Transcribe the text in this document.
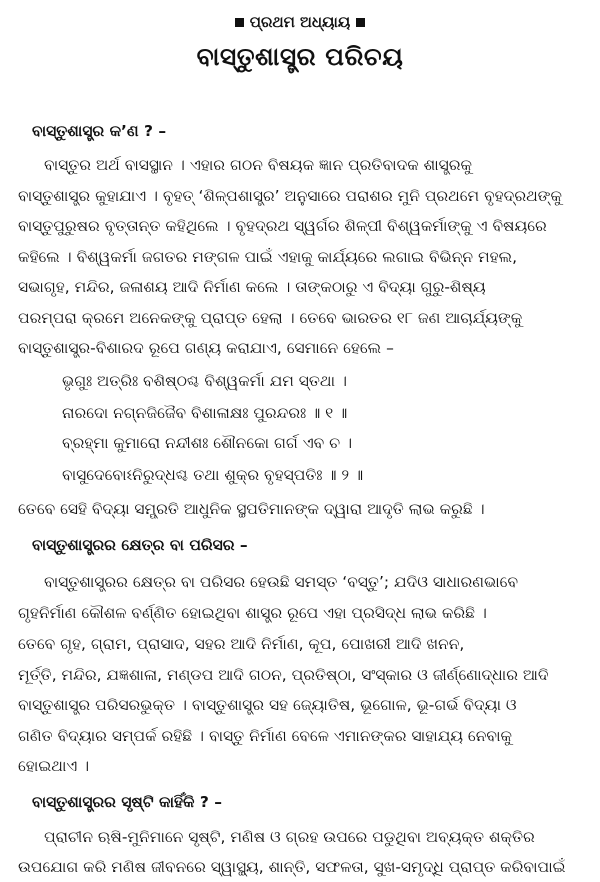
ପ୍ରଥମ ଅଧ୍ୟାୟ
ବାସ୍ତୁଶାସ୍ତ୍ର ପରିଚୟ
ବାସ୍ତୁଶାସ୍ତ୍ର କ’ଣ ? –
ବାସ୍ତୁର ଅର୍ଥ ବାସସ୍ଥାନ । ଏହାର ଗଠନ ବିଷୟକ ଜ୍ଞାନ ପ୍ରତିବାଦକ ଶାସ୍ତ୍ରକୁ
ବାସ୍ତୁଶାସ୍ତ୍ର କୁହାଯାଏ । ବୃହତ୍ ‘ଶିଳ୍ପଶାସ୍ତ୍ର’ ଅନୁସାରେ ପରାଶର ମୁନି ପ୍ରଥମେ ବୃହଦ୍ରଥଙ୍କୁ
ବାସ୍ତୁପୁରୁଷର ବୃତ୍ତାନ୍ତ କହିଥିଲେ । ବୃହଦ୍ରଥ ସ୍ୱର୍ଗର ଶିଳ୍ପୀ ବିଶ୍ୱକର୍ମାଙ୍କୁ ଏ ବିଷୟରେ
କହିଲେ । ବିଶ୍ୱକର୍ମା ଜଗତର ମଙ୍ଗଳ ପାଇଁ ଏହାକୁ କାର୍ଯ୍ୟରେ ଲଗାଇ ବିଭିନ୍ନ ମହଲ,
ସଭାଗୃହ, ମନ୍ଦିର, ଜଳାଶୟ ଆଦି ନିର୍ମାଣ କଲେ । ତାଙ୍କଠାରୁ ଏ ବିଦ୍ୟା ଗୁରୁ-ଶିଷ୍ୟ
ପରମ୍ପରା କ୍ରମେ ଅନେକଙ୍କୁ ପ୍ରାପ୍ତ ହେଲା । ତେବେ ଭାରତର ୧୮ ଜଣ ଆଚାର୍ଯ୍ୟଙ୍କୁ
ବାସ୍ତୁଶାସ୍ତ୍ର-ବିଶାରଦ ରୂପେ ଗଣ୍ୟ କରାଯାଏ, ସେମାନେ ହେଲେ –
ଭୃଗୁଃ ଅତ୍ରିଃ ବଶିଷ୍ଠଶ୍ଚ ବିଶ୍ୱକର୍ମା ଯମ ସ୍ତଥା ।
ନାରଦୋ ନଗ୍ନଜିଜୈବ ବିଶାଳାକ୍ଷଃ ପୁରନ୍ଦରଃ ॥ ୧ ॥
ବ୍ରହ୍ମା କୁମାରୋ ନନ୍ଦୀଶଃ ଶୌନକୋ ଗର୍ଗ ଏବ ଚ ।
ବାସୁଦେବୋଽନିରୁଦ୍ଧଶ୍ଚ ତଥା ଶୁକ୍ର ବୃହସ୍ପତିଃ ॥ ୨ ॥
ତେବେ ସେହି ବିଦ୍ୟା ସମ୍ପ୍ରତି ଆଧୁନିକ ସ୍ଥପତିମାନଙ୍କ ଦ୍ୱାରା ଆଦୃତି ଲାଭ କରୁଛି ।
ବାସ୍ତୁଶାସ୍ତ୍ରର କ୍ଷେତ୍ର ବା ପରିସର –
ବାସ୍ତୁଶାସ୍ତ୍ରର କ୍ଷେତ୍ର ବା ପରିସର ହେଉଛି ସମସ୍ତ ‘ବସ୍ତୁ’; ଯଦିଓ ସାଧାରଣଭାବେ
ଗୃହନିର୍ମାଣ କୌଶଳ ବର୍ଣ୍ଣିତ ହୋଇଥିବା ଶାସ୍ତ୍ର ରୂପେ ଏହା ପ୍ରସିଦ୍ଧ ଲାଭ କରିଛି ।
ତେବେ ଗୃହ, ଗ୍ରାମ, ପ୍ରାସାଦ, ସହର ଆଦି ନିର୍ମାଣ, କୂପ, ପୋଖରୀ ଆଦି ଖନନ,
ମୂର୍ତ୍ତି, ମନ୍ଦିର, ଯଜ୍ଞଶାଳା, ମଣ୍ଡପ ଆଦି ଗଠନ, ପ୍ରତିଷ୍ଠା, ସଂସ୍କାର ଓ ଜୀର୍ଣ୍ଣୋଦ୍ଧାର ଆଦି
ବାସ୍ତୁଶାସ୍ତ୍ର ପରିସରଭୁକ୍ତ । ବାସ୍ତୁଶାସ୍ତ୍ର ସହ ଜ୍ୟୋତିଷ, ଭୂଗୋଳ, ଭୂ-ଗର୍ଭ ବିଦ୍ୟା ଓ
ଗଣିତ ବିଦ୍ୟାର ସମ୍ପର୍କ ରହିଛି । ବାସ୍ତୁ ନିର୍ମାଣ ବେଳେ ଏମାନଙ୍କର ସାହାଯ୍ୟ ନେବାକୁ
ହୋଇଥାଏ ।
ବାସ୍ତୁଶାସ୍ତ୍ରର ସୃଷ୍ଟି କାହିଁକି ? –
ପ୍ରାଚୀନ ଋଷି-ମୁନିମାନେ ସୃଷ୍ଟି, ମଣିଷ ଓ ଗ୍ରହ ଉପରେ ପଡୁଥିବା ଅବ୍ୟକ୍ତ ଶକ୍ତିର
ଉପଯୋଗ କରି ମଣିଷ ଜୀବନରେ ସ୍ୱାସ୍ଥ୍ୟ, ଶାନ୍ତି, ସଫଳତା, ସୁଖ-ସମୃଦ୍ଧି ପ୍ରାପ୍ତ କରିବାପାଇଁ
